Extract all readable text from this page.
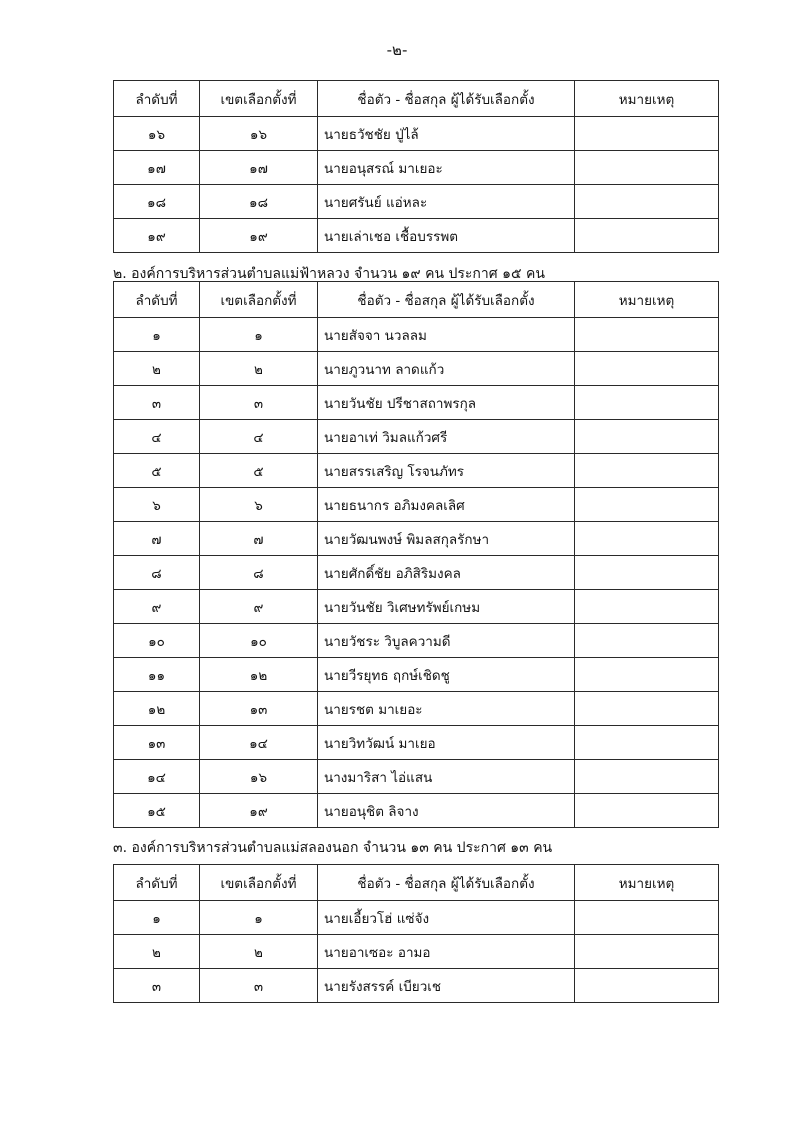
-๒-
ลำดับที่	เขตเลือกตั้งที่	ชื่อตัว - ชื่อสกุล ผู้ได้รับเลือกตั้ง	หมายเหตุ
๑๖	๑๖	นายธวัชชัย ปู่ไล้	
๑๗	๑๗	นายอนุสรณ์ มาเยอะ	
๑๘	๑๘	นายศรันย์ แอ่หละ	
๑๙	๑๙	นายเล่าเชอ เชื้อบรรพต	
๒. องค์การบริหารส่วนตำบลแม่ฟ้าหลวง จำนวน ๑๙ คน ประกาศ ๑๕ คน
ลำดับที่	เขตเลือกตั้งที่	ชื่อตัว - ชื่อสกุล ผู้ได้รับเลือกตั้ง	หมายเหตุ
๑	๑	นายสัจจา นวลลม	
๒	๒	นายภูวนาท ลาดแก้ว	
๓	๓	นายวันชัย ปรีชาสถาพรกุล	
๔	๔	นายอาเท่ วิมลแก้วศรี	
๕	๕	นายสรรเสริญ โรจนภัทร	
๖	๖	นายธนากร อภิมงคลเลิศ	
๗	๗	นายวัฒนพงษ์ พิมลสกุลรักษา	
๘	๘	นายศักดิ์ชัย อภิสิริมงคล	
๙	๙	นายวันชัย วิเศษทรัพย์เกษม	
๑๐	๑๐	นายวัชระ วิบูลความดี	
๑๑	๑๒	นายวีรยุทธ ฤกษ์เชิดชู	
๑๒	๑๓	นายรชต มาเยอะ	
๑๓	๑๔	นายวิทวัฒน์ มาเยอ	
๑๔	๑๖	นางมาริสา ไอ่แสน	
๑๕	๑๙	นายอนุชิต ลิจาง	
๓. องค์การบริหารส่วนตำบลแม่สลองนอก จำนวน ๑๓ คน ประกาศ ๑๓ คน
ลำดับที่	เขตเลือกตั้งที่	ชื่อตัว - ชื่อสกุล ผู้ได้รับเลือกตั้ง	หมายเหตุ
๑	๑	นายเอี้ยวโฮ่ แซ่จัง	
๒	๒	นายอาเซอะ อามอ	
๓	๓	นายรังสรรค์ เบียวเช	
